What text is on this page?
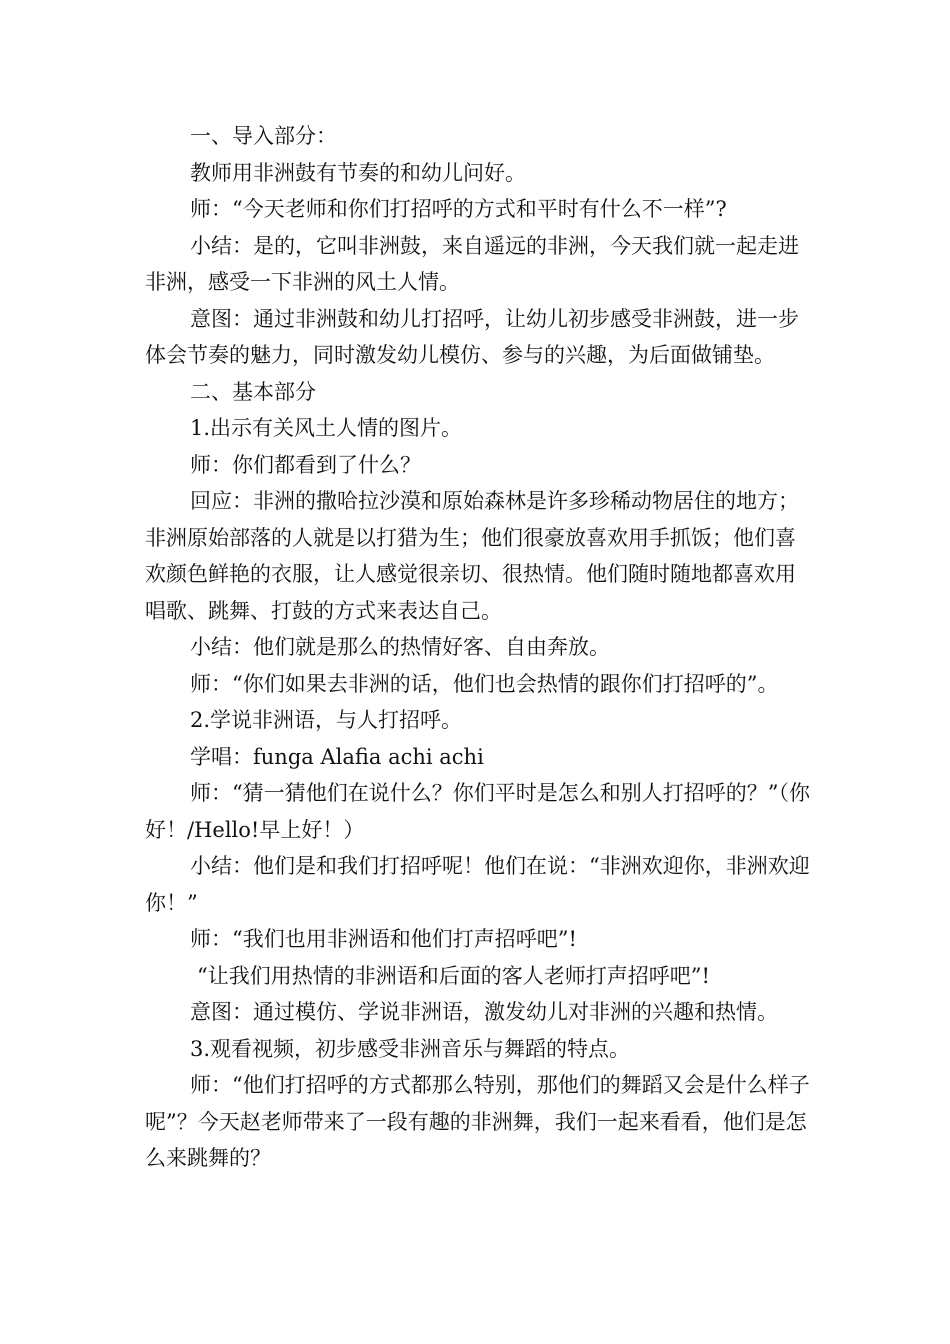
一、导入部分：

教师用非洲鼓有节奏的和幼儿问好。

师：“今天老师和你们打招呼的方式和平时有什么不一样”?

小结：是的，它叫非洲鼓，来自遥远的非洲，今天我们就一起走进非洲，感受一下非洲的风土人情。

意图：通过非洲鼓和幼儿打招呼，让幼儿初步感受非洲鼓，进一步体会节奏的魅力，同时激发幼儿模仿、参与的兴趣，为后面做铺垫。

二、基本部分

1.出示有关风土人情的图片。

师：你们都看到了什么？

回应：非洲的撒哈拉沙漠和原始森林是许多珍稀动物居住的地方；非洲原始部落的人就是以打猎为生；他们很豪放喜欢用手抓饭；他们喜欢颜色鲜艳的衣服，让人感觉很亲切、很热情。他们随时随地都喜欢用唱歌、跳舞、打鼓的方式来表达自己。

小结：他们就是那么的热情好客、自由奔放。

师：“你们如果去非洲的话，他们也会热情的跟你们打招呼的”。

2.学说非洲语，与人打招呼。

学唱：funga Alafia achi achi

师：“猜一猜他们在说什么？你们平时是怎么和别人打招呼的？”（你好！/Hello!早上好！）

小结：他们是和我们打招呼呢！他们在说：“非洲欢迎你，非洲欢迎你！”

师：“我们也用非洲语和他们打声招呼吧”!

“让我们用热情的非洲语和后面的客人老师打声招呼吧”!

意图：通过模仿、学说非洲语，激发幼儿对非洲的兴趣和热情。

3.观看视频，初步感受非洲音乐与舞蹈的特点。

师：“他们打招呼的方式都那么特别，那他们的舞蹈又会是什么样子呢”？今天赵老师带来了一段有趣的非洲舞，我们一起来看看，他们是怎么来跳舞的？
